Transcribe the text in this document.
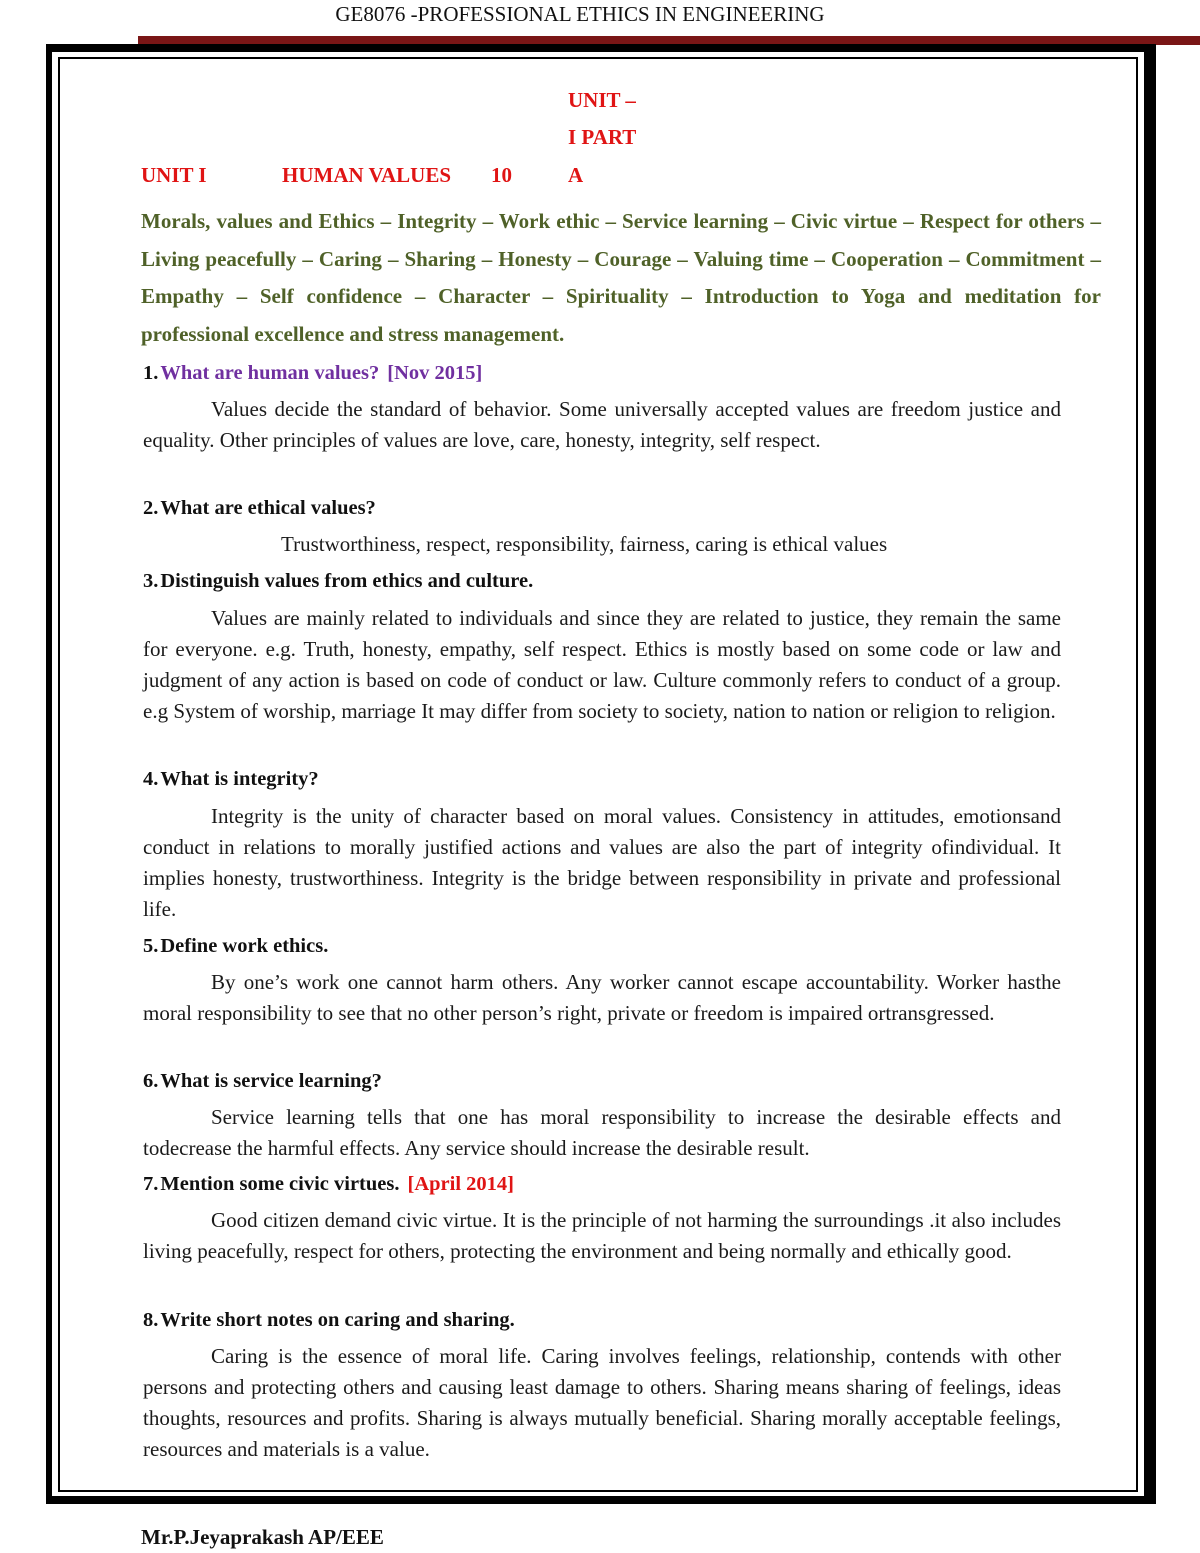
GE8076 -PROFESSIONAL ETHICS IN ENGINEERING
UNIT –
I PART
UNIT I	HUMAN VALUES 10	A
Morals, values and Ethics – Integrity – Work ethic – Service learning – Civic virtue – Respect for others – Living peacefully – Caring – Sharing – Honesty – Courage – Valuing time – Cooperation – Commitment – Empathy – Self confidence – Character – Spirituality – Introduction to Yoga and meditation for professional excellence and stress management.
1.What are human values? [Nov 2015]
Values decide the standard of behavior. Some universally accepted values are freedom justice and equality. Other principles of values are love, care, honesty, integrity, self respect.
2.What are ethical values?
Trustworthiness, respect, responsibility, fairness, caring is ethical values
3.Distinguish values from ethics and culture.
Values are mainly related to individuals and since they are related to justice, they remain the same for everyone. e.g. Truth, honesty, empathy, self respect. Ethics is mostly based on some code or law and judgment of any action is based on code of conduct or law. Culture commonly refers to conduct of a group. e.g System of worship, marriage It may differ from society to society, nation to nation or religion to religion.
4.What is integrity?
Integrity is the unity of character based on moral values. Consistency in attitudes, emotionsand conduct in relations to morally justified actions and values are also the part of integrity ofindividual. It implies honesty, trustworthiness. Integrity is the bridge between responsibility in private and professional life.
5.Define work ethics.
By one’s work one cannot harm others. Any worker cannot escape accountability. Worker hasthe moral responsibility to see that no other person’s right, private or freedom is impaired ortransgressed.
6.What is service learning?
Service learning tells that one has moral responsibility to increase the desirable effects and todecrease the harmful effects. Any service should increase the desirable result.
7.Mention some civic virtues. [April 2014]
Good citizen demand civic virtue. It is the principle of not harming the surroundings .it also includes living peacefully, respect for others, protecting the environment and being normally and ethically good.
8.Write short notes on caring and sharing.
Caring is the essence of moral life. Caring involves feelings, relationship, contends with other persons and protecting others and causing least damage to others. Sharing means sharing of feelings, ideas thoughts, resources and profits. Sharing is always mutually beneficial. Sharing morally acceptable feelings, resources and materials is a value.
Mr.P.Jeyaprakash AP/EEE
